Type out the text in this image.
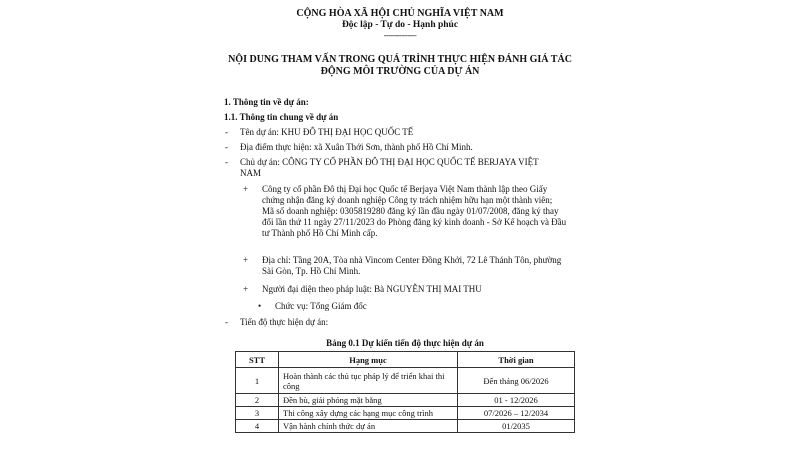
CỘNG HÒA XÃ HỘI CHỦ NGHĨA VIỆT NAM
Độc lập - Tự do - Hạnh phúc
---------------
NỘI DUNG THAM VẤN TRONG QUÁ TRÌNH THỰC HIỆN ĐÁNH GIÁ TÁC
ĐỘNG MÔI TRƯỜNG CỦA DỰ ÁN
1. Thông tin về dự án:
1.1. Thông tin chung về dự án
- Tên dự án: KHU ĐÔ THỊ ĐẠI HỌC QUỐC TẾ
- Địa điểm thực hiện: xã Xuân Thới Sơn, thành phố Hồ Chí Minh.
- Chủ dự án: CÔNG TY CỔ PHẦN ĐÔ THỊ ĐẠI HỌC QUỐC TẾ BERJAYA VIỆT
NAM
+ Công ty cổ phần Đô thị Đại học Quốc tế Berjaya Việt Nam thành lập theo Giấy
chứng nhận đăng ký doanh nghiệp Công ty trách nhiệm hữu hạn một thành viên;
Mã số doanh nghiệp: 0305819280 đăng ký lần đầu ngày 01/07/2008, đăng ký thay
đổi lần thứ 11 ngày 27/11/2023 do Phòng đăng ký kinh doanh - Sở Kế hoạch và Đầu
tư Thành phố Hồ Chí Minh cấp.
+ Địa chỉ: Tầng 20A, Tòa nhà Vincom Center Đồng Khởi, 72 Lê Thánh Tôn, phường
Sài Gòn, Tp. Hồ Chí Minh.
+ Người đại diện theo pháp luật: Bà NGUYỄN THỊ MAI THU
• Chức vụ: Tổng Giám đốc
- Tiến độ thực hiện dự án:
Bảng 0.1 Dự kiến tiến độ thực hiện dự án
STT	Hạng mục	Thời gian
1	Hoàn thành các thủ tục pháp lý để triển khai thi công	Đến tháng 06/2026
2	Đền bù, giải phóng mặt bằng	01 - 12/2026
3	Thi công xây dựng các hạng mục công trình	07/2026 – 12/2034
4	Vận hành chính thức dự án	01/2035
